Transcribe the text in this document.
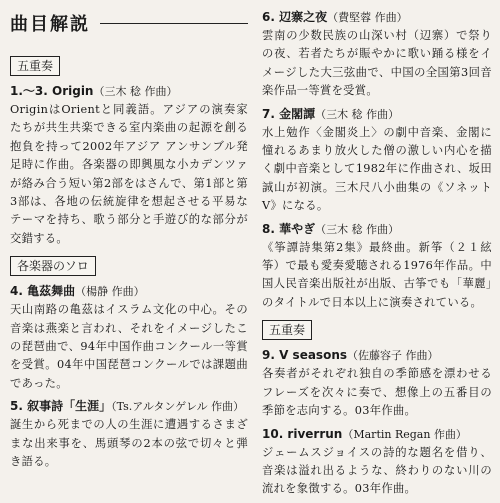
曲目解説
五重奏
1.〜3. Origin（三木 稔 作曲）
OriginはOrientと同義語。アジアの演奏家たちが共生共楽できる室内楽曲の起源を創る抱負を持って2002年アジア アンサンブル発足時に作曲。各楽器の即興風な小カデンツァが絡み合う短い第2部をはさんで、第1部と第3部は、各地の伝統旋律を想起させる平易なテーマを持ち、歌う部分と手遊び的な部分が交錯する。
各楽器のソロ
4. 亀茲舞曲（楊静 作曲）
天山南路の亀茲はイスラム文化の中心。その音楽は燕楽と言われ、それをイメージしたこの琵琶曲で、94年中国作曲コンクール一等賞を受賞。04年中国琵琶コンクールでは課題曲であった。
5. 叙事詩「生涯」（Ts.アルタンゲレル 作曲）
誕生から死までの人の生涯に遭遇するさまざまな出来事を、馬頭琴の2本の弦で切々と弾き語る。
6. 辺寨之夜（費堅蓉 作曲）
雲南の少数民族の山深い村（辺寨）で祭りの夜、若者たちが賑やかに歌い踊る様をイメージした大三弦曲で、中国の全国第3回音楽作品一等賞を受賞。
7. 金閣譚（三木 稔 作曲）
水上勉作〈金閣炎上〉の劇中音楽、金閣に憧れるあまり放火した僧の激しい内心を描く劇中音楽として1982年に作曲され、坂田誠山が初演。三木尺八小曲集の《ソネットV》になる。
8. 華やぎ（三木 稔 作曲）
《筝譚詩集第2集》最終曲。新筝（２１絃筝）で最も愛奏愛聴される1976年作品。中国人民音楽出版社が出版、古筝でも「華麗」のタイトルで日本以上に演奏されている。
五重奏
9. V seasons（佐藤容子 作曲）
各奏者がそれぞれ独自の季節感を漂わせるフレーズを次々に奏で、想像上の五番目の季節を志向する。03年作曲。
10. riverrun（Martin Regan 作曲）
ジェームスジョイスの詩的な題名を借り、音楽は溢れ出るような、終わりのない川の流れを象徴する。03年作曲。
